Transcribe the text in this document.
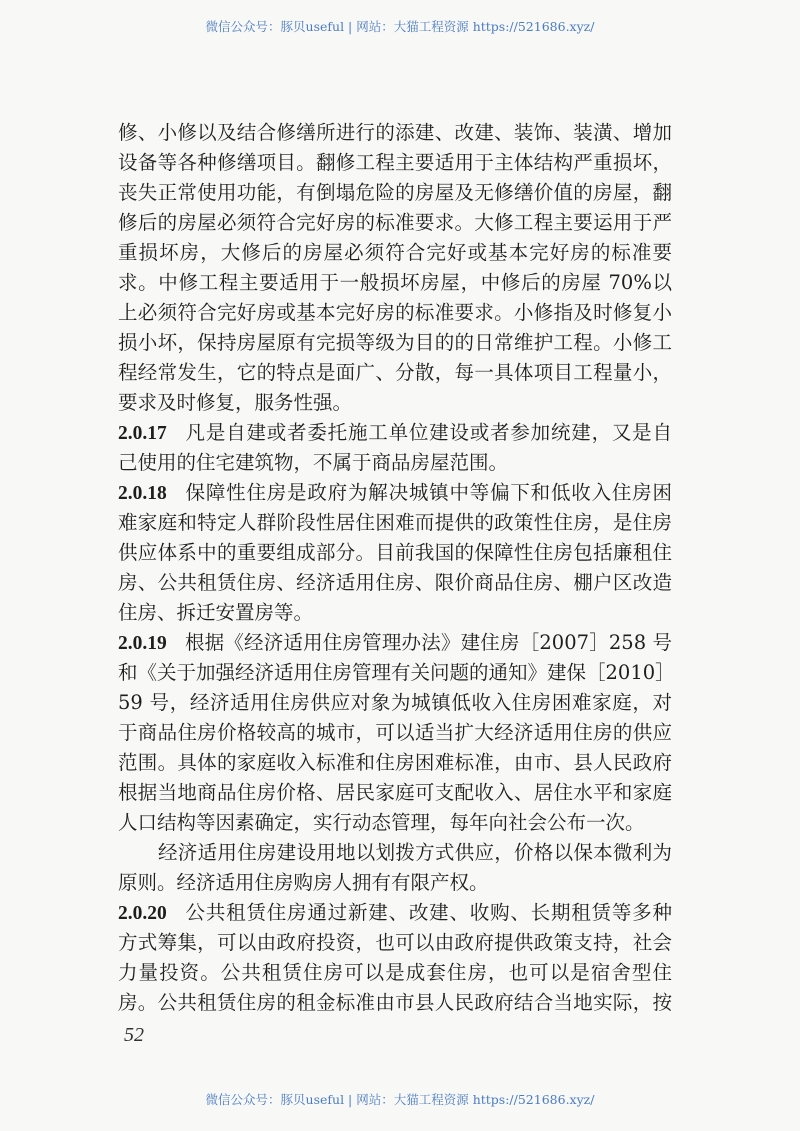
微信公众号：豚贝useful | 网站：大猫工程资源 https://521686.xyz/
修、小修以及结合修缮所进行的添建、改建、装饰、装潢、增加
设备等各种修缮项目。翻修工程主要适用于主体结构严重损坏，
丧失正常使用功能，有倒塌危险的房屋及无修缮价值的房屋，翻
修后的房屋必须符合完好房的标准要求。大修工程主要运用于严
重损坏房，大修后的房屋必须符合完好或基本完好房的标准要
求。中修工程主要适用于一般损坏房屋，中修后的房屋 70%以
上必须符合完好房或基本完好房的标准要求。小修指及时修复小
损小坏，保持房屋原有完损等级为目的的日常维护工程。小修工
程经常发生，它的特点是面广、分散，每一具体项目工程量小，
要求及时修复，服务性强。
2.0.17 凡是自建或者委托施工单位建设或者参加统建，又是自
己使用的住宅建筑物，不属于商品房屋范围。
2.0.18 保障性住房是政府为解决城镇中等偏下和低收入住房困
难家庭和特定人群阶段性居住困难而提供的政策性住房，是住房
供应体系中的重要组成部分。目前我国的保障性住房包括廉租住
房、公共租赁住房、经济适用住房、限价商品住房、棚户区改造
住房、拆迁安置房等。
2.0.19 根据《经济适用住房管理办法》建住房［2007］258 号
和《关于加强经济适用住房管理有关问题的通知》建保［2010］
59 号，经济适用住房供应对象为城镇低收入住房困难家庭，对
于商品住房价格较高的城市，可以适当扩大经济适用住房的供应
范围。具体的家庭收入标准和住房困难标准，由市、县人民政府
根据当地商品住房价格、居民家庭可支配收入、居住水平和家庭
人口结构等因素确定，实行动态管理，每年向社会公布一次。
经济适用住房建设用地以划拨方式供应，价格以保本微利为
原则。经济适用住房购房人拥有有限产权。
2.0.20 公共租赁住房通过新建、改建、收购、长期租赁等多种
方式筹集，可以由政府投资，也可以由政府提供政策支持，社会
力量投资。公共租赁住房可以是成套住房，也可以是宿舍型住
房。公共租赁住房的租金标准由市县人民政府结合当地实际，按
52
微信公众号：豚贝useful | 网站：大猫工程资源 https://521686.xyz/
